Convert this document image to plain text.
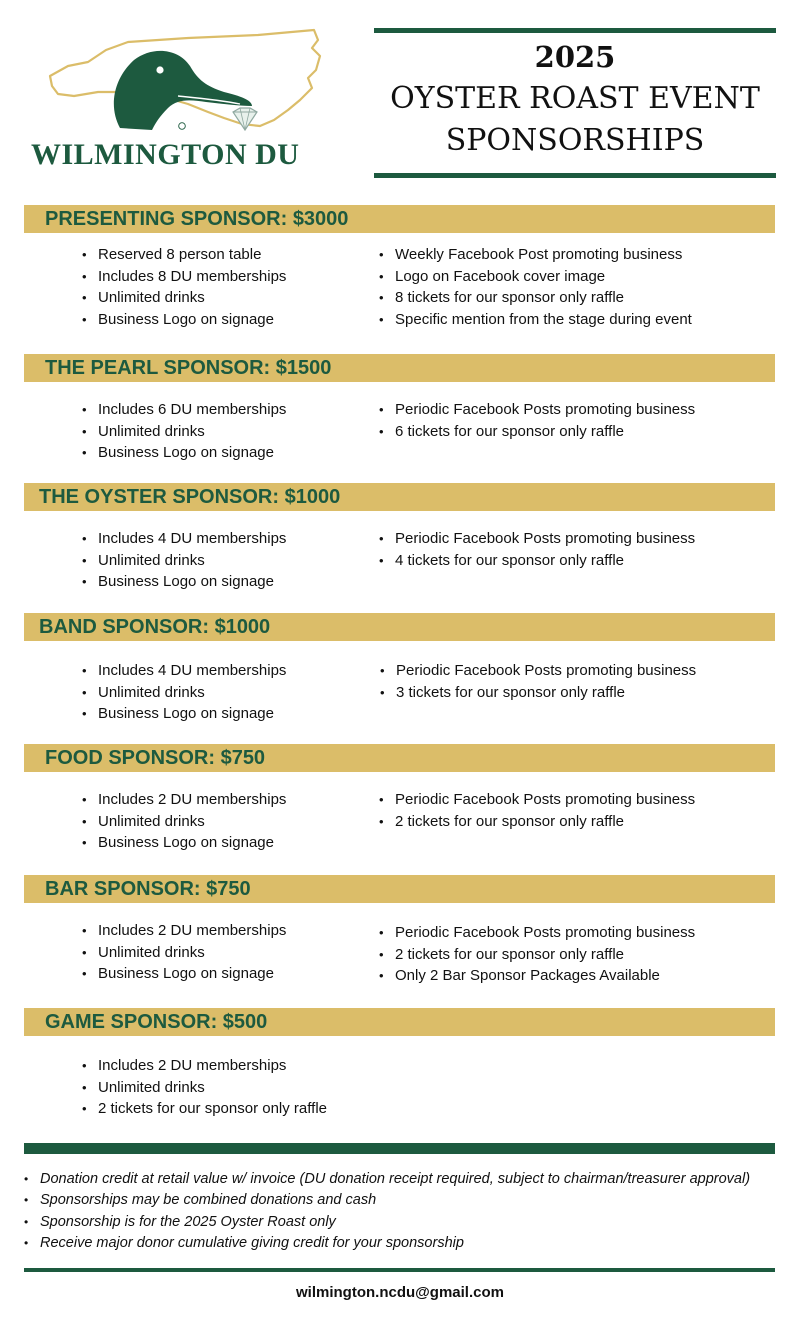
WILMINGTON DU
2025
OYSTER ROAST EVENT
SPONSORSHIPS
PRESENTING SPONSOR: $3000
• Reserved 8 person table
• Includes 8 DU memberships
• Unlimited drinks
• Business Logo on signage
• Weekly Facebook Post promoting business
• Logo on Facebook cover image
• 8 tickets for our sponsor only raffle
• Specific mention from the stage during event
THE PEARL SPONSOR: $1500
• Includes 6 DU memberships
• Unlimited drinks
• Business Logo on signage
• Periodic Facebook Posts promoting business
• 6 tickets for our sponsor only raffle
THE OYSTER SPONSOR: $1000
• Includes 4 DU memberships
• Unlimited drinks
• Business Logo on signage
• Periodic Facebook Posts promoting business
• 4 tickets for our sponsor only raffle
BAND SPONSOR: $1000
• Includes 4 DU memberships
• Unlimited drinks
• Business Logo on signage
• Periodic Facebook Posts promoting business
• 3 tickets for our sponsor only raffle
FOOD SPONSOR: $750
• Includes 2 DU memberships
• Unlimited drinks
• Business Logo on signage
• Periodic Facebook Posts promoting business
• 2 tickets for our sponsor only raffle
BAR SPONSOR: $750
• Includes 2 DU memberships
• Unlimited drinks
• Business Logo on signage
• Periodic Facebook Posts promoting business
• 2 tickets for our sponsor only raffle
• Only 2 Bar Sponsor Packages Available
GAME SPONSOR: $500
• Includes 2 DU memberships
• Unlimited drinks
• 2 tickets for our sponsor only raffle
• Donation credit at retail value w/ invoice (DU donation receipt required, subject to chairman/treasurer approval)
• Sponsorships may be combined donations and cash
• Sponsorship is for the 2025 Oyster Roast only
• Receive major donor cumulative giving credit for your sponsorship
wilmington.ncdu@gmail.com
